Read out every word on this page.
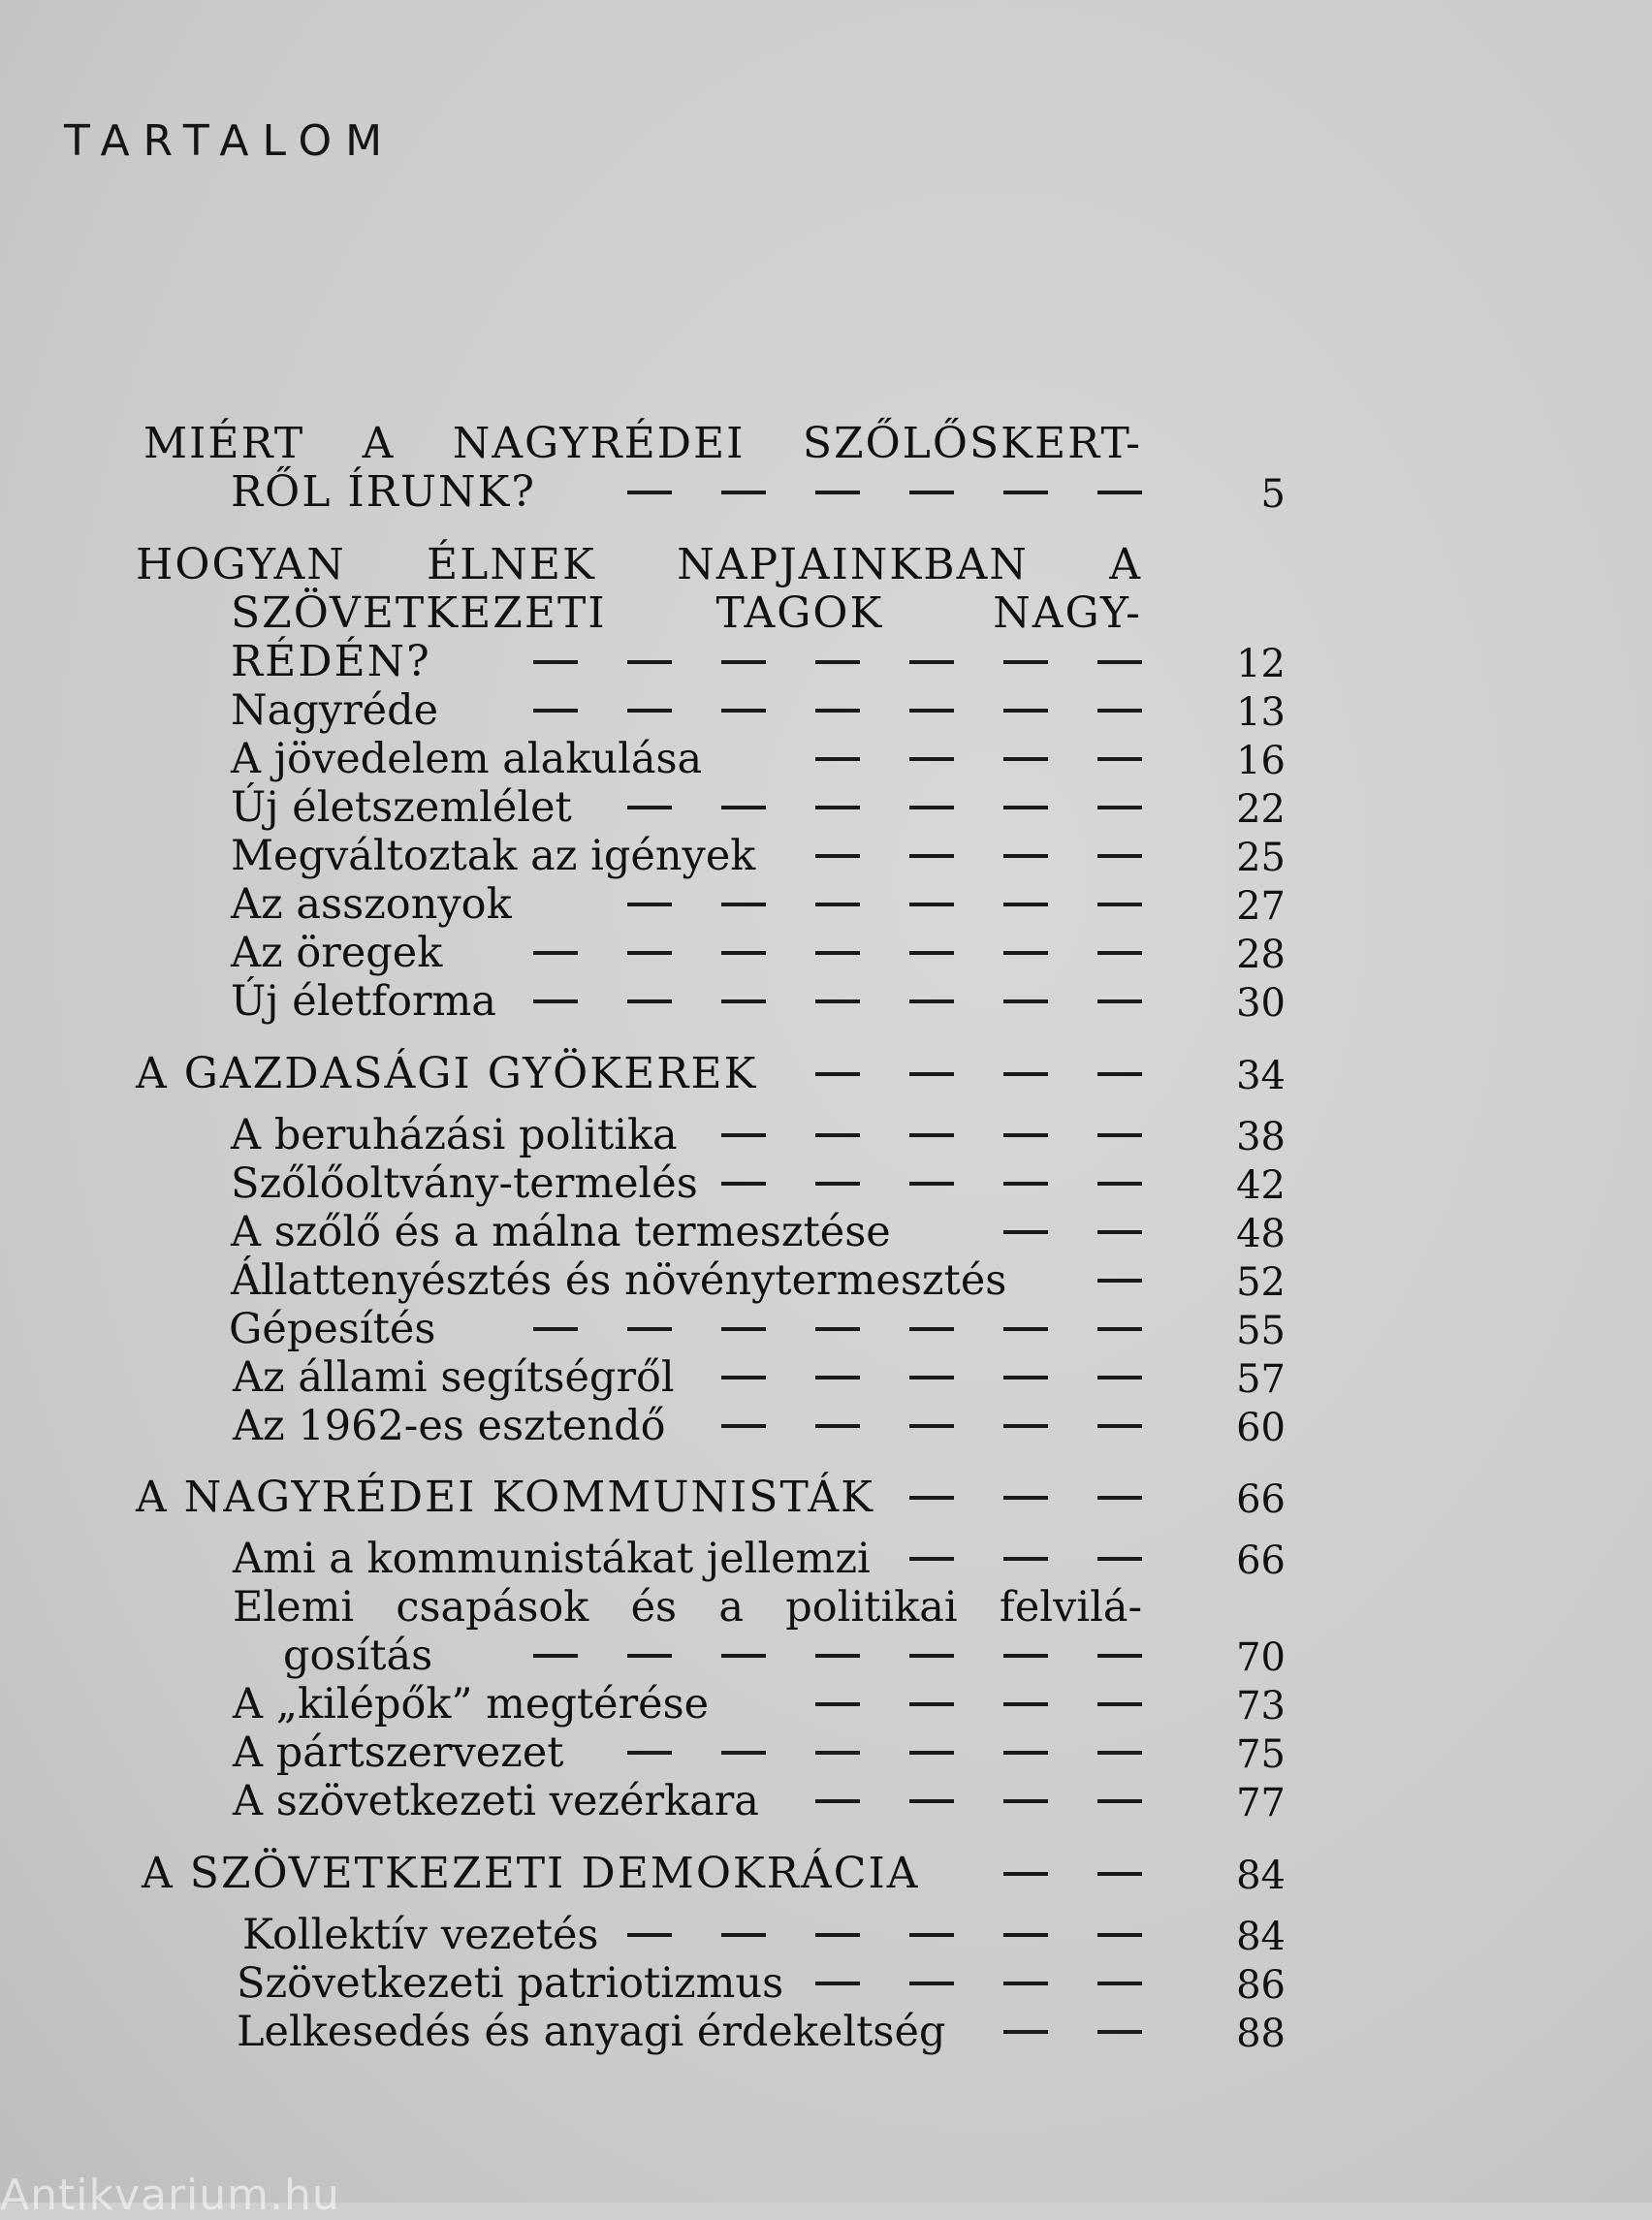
TARTALOM
MIÉRT A NAGYRÉDEI SZŐLŐSKERT-
RŐL ÍRUNK?	5
HOGYAN ÉLNEK NAPJAINKBAN A
SZÖVETKEZETI TAGOK NAGY-
RÉDÉN?	12
Nagyréde	13
A jövedelem alakulása	16
Új életszemlélet	22
Megváltoztak az igények	25
Az asszonyok	27
Az öregek	28
Új életforma	30
A GAZDASÁGI GYÖKEREK	34
A beruházási politika	38
Szőlőoltvány-termelés	42
A szőlő és a málna termesztése	48
Állattenyésztés és növénytermesztés	52
Gépesítés	55
Az állami segítségről	57
Az 1962-es esztendő	60
A NAGYRÉDEI KOMMUNISTÁK	66
Ami a kommunistákat jellemzi	66
Elemi csapások és a politikai felvilá-
gosítás	70
A „kilépők” megtérése	73
A pártszervezet	75
A szövetkezeti vezérkara	77
A SZÖVETKEZETI DEMOKRÁCIA	84
Kollektív vezetés	84
Szövetkezeti patriotizmus	86
Lelkesedés és anyagi érdekeltség	88
Antikvarium.hu
